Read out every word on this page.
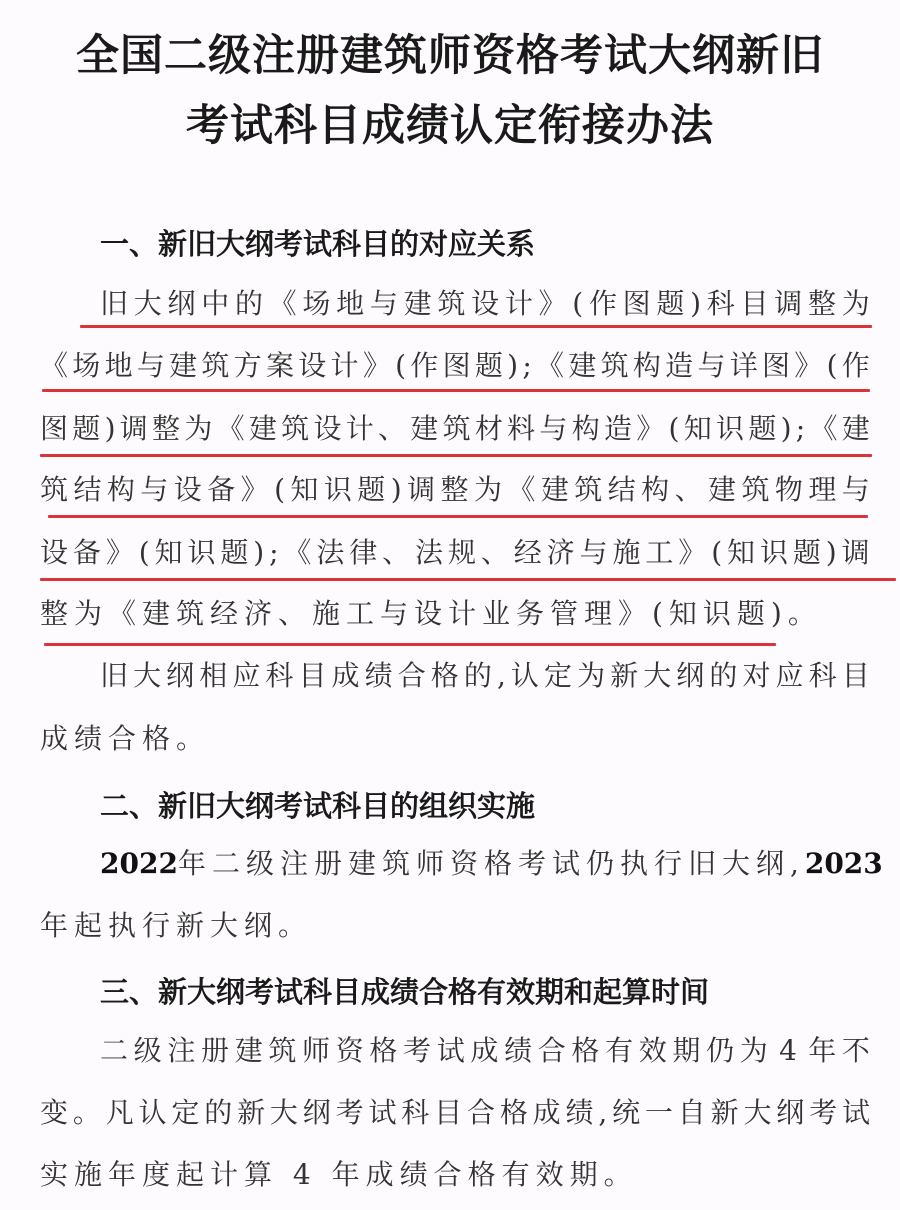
全国二级注册建筑师资格考试大纲新旧
考试科目成绩认定衔接办法
一、新旧大纲考试科目的对应关系
旧 大 纲 中 的 《 场 地 与 建 筑 设 计 》 ( 作 图 题 ) 科 目 调 整 为
《 场 地 与 建 筑 方 案 设 计 》 ( 作 图 题 ) ; 《 建 筑 构 造 与 详 图 》 ( 作
图 题 ) 调 整 为 《 建 筑 设 计 、 建 筑 材 料 与 构 造 》 ( 知 识 题 ) ; 《 建
筑 结 构 与 设 备 》 ( 知 识 题 ) 调 整 为 《 建 筑 结 构 、 建 筑 物 理 与
设 备 》 ( 知 识 题 ) ; 《 法 律 、 法 规 、 经 济 与 施 工 》 ( 知 识 题 ) 调
整为《建筑经济、施工与设计业务管理》(知识题)。
旧 大 纲 相 应 科 目 成 绩 合 格 的 , 认 定 为 新 大 纲 的 对 应 科 目
成绩合格。
二、新旧大纲考试科目的组织实施
2022 年二级注册建筑师资格考试仍执行旧大纲, 2023
年起执行新大纲。
三、新大纲考试科目成绩合格有效期和起算时间
二 级 注 册 建 筑 师 资 格 考 试 成 绩 合 格 有 效 期 仍 为 4 年 不
变 。 凡 认 定 的 新 大 纲 考 试 科 目 合 格 成 绩 , 统 一 自 新 大 纲 考 试
实施年度起计算 4 年成绩合格有效期。
